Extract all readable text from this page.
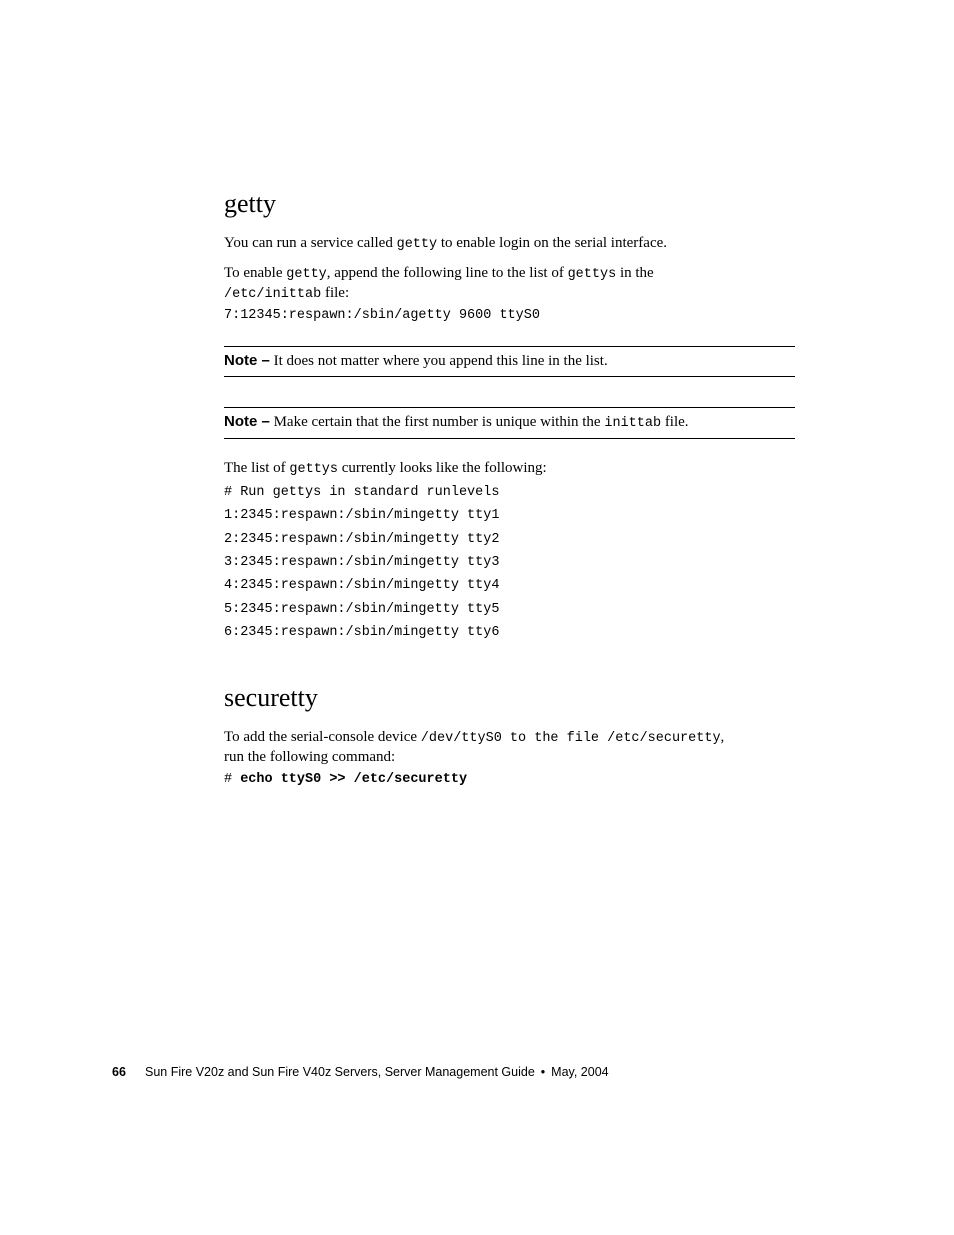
getty

You can run a service called getty to enable login on the serial interface.

To enable getty, append the following line to the list of gettys in the
/etc/inittab file:

7:12345:respawn:/sbin/agetty 9600 ttyS0
Note – It does not matter where you append this line in the list.
Note – Make certain that the first number is unique within the inittab file.

The list of gettys currently looks like the following:

# Run gettys in standard runlevels
1:2345:respawn:/sbin/mingetty tty1
2:2345:respawn:/sbin/mingetty tty2
3:2345:respawn:/sbin/mingetty tty3
4:2345:respawn:/sbin/mingetty tty4
5:2345:respawn:/sbin/mingetty tty5
6:2345:respawn:/sbin/mingetty tty6
securetty

To add the serial-console device /dev/ttyS0 to the file /etc/securetty,
run the following command:

# echo ttyS0 >> /etc/securetty
66 Sun Fire V20z and Sun Fire V40z Servers, Server Management Guide • May, 2004
